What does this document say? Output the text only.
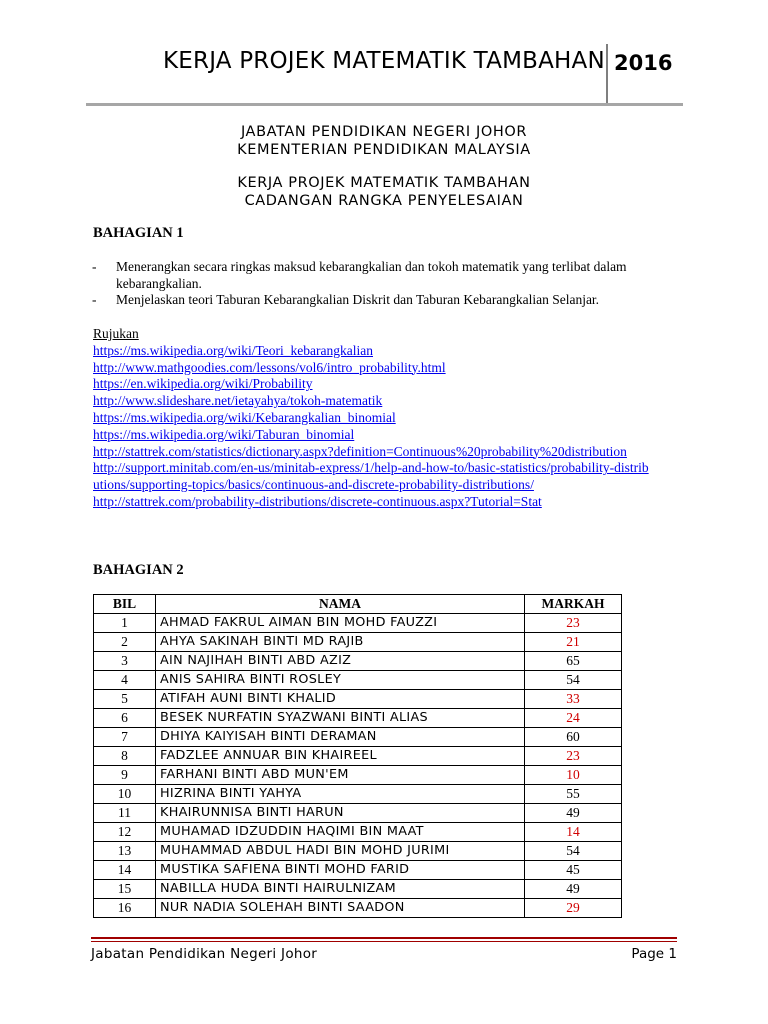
KERJA PROJEK MATEMATIK TAMBAHAN 2016
JABATAN PENDIDIKAN NEGERI JOHOR
KEMENTERIAN PENDIDIKAN MALAYSIA
KERJA PROJEK MATEMATIK TAMBAHAN
CADANGAN RANGKA PENYELESAIAN
BAHAGIAN 1
- Menerangkan secara ringkas maksud kebarangkalian dan tokoh matematik yang terlibat dalam kebarangkalian.
- Menjelaskan teori Taburan Kebarangkalian Diskrit dan Taburan Kebarangkalian Selanjar.
Rujukan
https://ms.wikipedia.org/wiki/Teori_kebarangkalian
http://www.mathgoodies.com/lessons/vol6/intro_probability.html
https://en.wikipedia.org/wiki/Probability
http://www.slideshare.net/ietayahya/tokoh-matematik
https://ms.wikipedia.org/wiki/Kebarangkalian_binomial
https://ms.wikipedia.org/wiki/Taburan_binomial
http://stattrek.com/statistics/dictionary.aspx?definition=Continuous%20probability%20distribution
http://support.minitab.com/en-us/minitab-express/1/help-and-how-to/basic-statistics/probability-distributions/supporting-topics/basics/continuous-and-discrete-probability-distributions/
http://stattrek.com/probability-distributions/discrete-continuous.aspx?Tutorial=Stat
BAHAGIAN 2
BIL	NAMA	MARKAH
1	AHMAD FAKRUL AIMAN BIN MOHD FAUZZI	23
2	AHYA SAKINAH BINTI MD RAJIB	21
3	AIN NAJIHAH BINTI ABD AZIZ	65
4	ANIS SAHIRA BINTI ROSLEY	54
5	ATIFAH AUNI BINTI KHALID	33
6	BESEK NURFATIN SYAZWANI BINTI ALIAS	24
7	DHIYA KAIYISAH BINTI DERAMAN	60
8	FADZLEE ANNUAR BIN KHAIREEL	23
9	FARHANI BINTI ABD MUN'EM	10
10	HIZRINA BINTI YAHYA	55
11	KHAIRUNNISA BINTI HARUN	49
12	MUHAMAD IDZUDDIN HAQIMI BIN MAAT	14
13	MUHAMMAD ABDUL HADI BIN MOHD JURIMI	54
14	MUSTIKA SAFIENA BINTI MOHD FARID	45
15	NABILLA HUDA BINTI HAIRULNIZAM	49
16	NUR NADIA SOLEHAH BINTI SAADON	29
Jabatan Pendidikan Negeri Johor	Page 1
